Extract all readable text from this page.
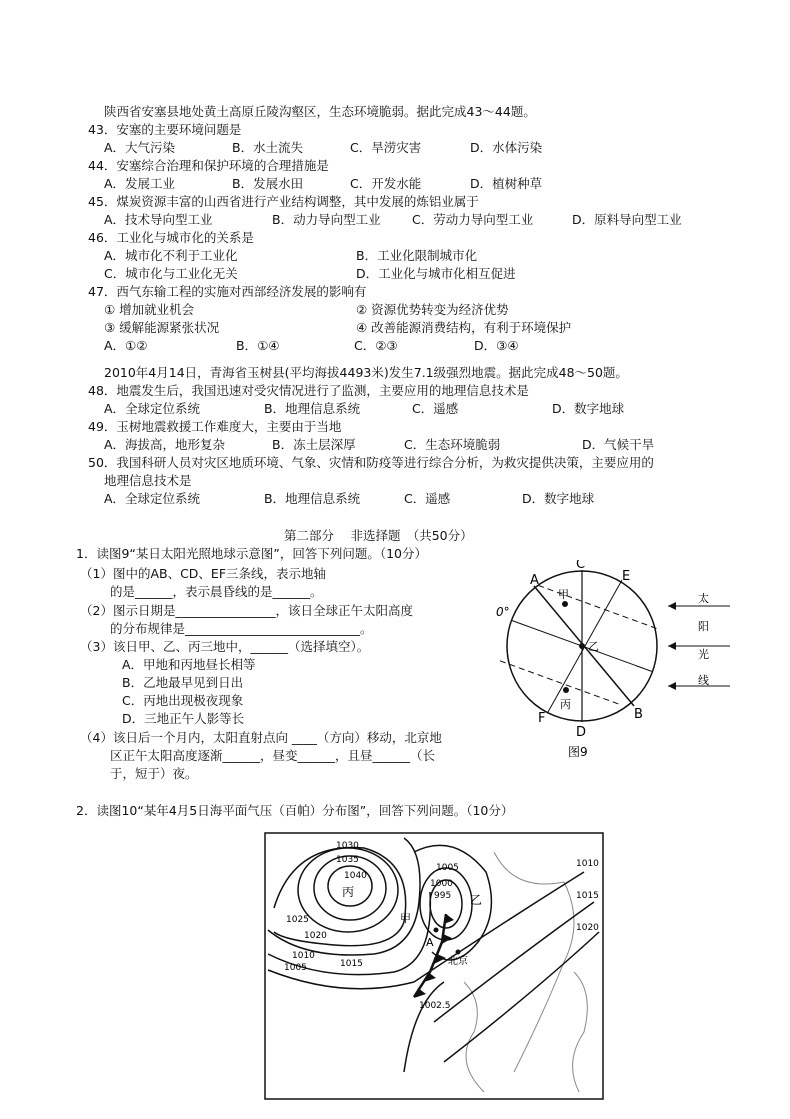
陕西省安塞县地处黄土高原丘陵沟壑区，生态环境脆弱。据此完成43～44题。
43．安塞的主要环境问题是
A．大气污染	B．水土流失	C．旱涝灾害	D．水体污染
44．安塞综合治理和保护环境的合理措施是
A．发展工业	B．发展水田	C．开发水能	D．植树种草
45．煤炭资源丰富的山西省进行产业结构调整，其中发展的炼铝业属于
A．技术导向型工业	B．动力导向型工业	C．劳动力导向型工业	D．原料导向型工业
46．工业化与城市化的关系是
A．城市化不利于工业化	B．工业化限制城市化
C．城市化与工业化无关	D．工业化与城市化相互促进
47．西气东输工程的实施对西部经济发展的影响有
① 增加就业机会	② 资源优势转变为经济优势
③ 缓解能源紧张状况	④ 改善能源消费结构，有利于环境保护
A．①②	B．①④	C．②③	D．③④
2010年4月14日，青海省玉树县(平均海拔4493米)发生7.1级强烈地震。据此完成48～50题。
48．地震发生后，我国迅速对受灾情况进行了监测，主要应用的地理信息技术是
A．全球定位系统	B．地理信息系统	C．遥感	D．数字地球
49．玉树地震救援工作难度大，主要由于当地
A．海拔高，地形复杂	B．冻土层深厚	C．生态环境脆弱	D．气候干旱
50．我国科研人员对灾区地质环境、气象、灾情和防疫等进行综合分析，为救灾提供决策，主要应用的
地理信息技术是
A．全球定位系统	B．地理信息系统	C．遥感	D．数字地球
第二部分　 非选择题　（共50分）
1．读图9“某日太阳光照地球示意图”，回答下列问题。（10分）
（1）图中的AB、CD、EF三条线，表示地轴
的是______，表示晨昏线的是______。
（2）图示日期是________________，该日全球正午太阳高度
的分布规律是____________________________。
（3）该日甲、乙、丙三地中，______（选择填空）。
A．甲地和丙地昼长相等
B．乙地最早见到日出
C．丙地出现极夜现象
D．三地正午人影等长
（4）该日后一个月内，太阳直射点向 ____（方向）移动，北京地
区正午太阳高度逐渐______，昼变______，且昼______（长
于，短于）夜。
A
B
C
D
E
F
甲
乙
丙
0°
太
阳
光
线
图9
2．读图10“某年4月5日海平面气压（百帕）分布图”，回答下列问题。（10分）
1030
1035
1040
1025
1020
1010
1005	1015
1005
1000
995
1002.5
1010
1015
1020
丙
甲
乙
A
北京
